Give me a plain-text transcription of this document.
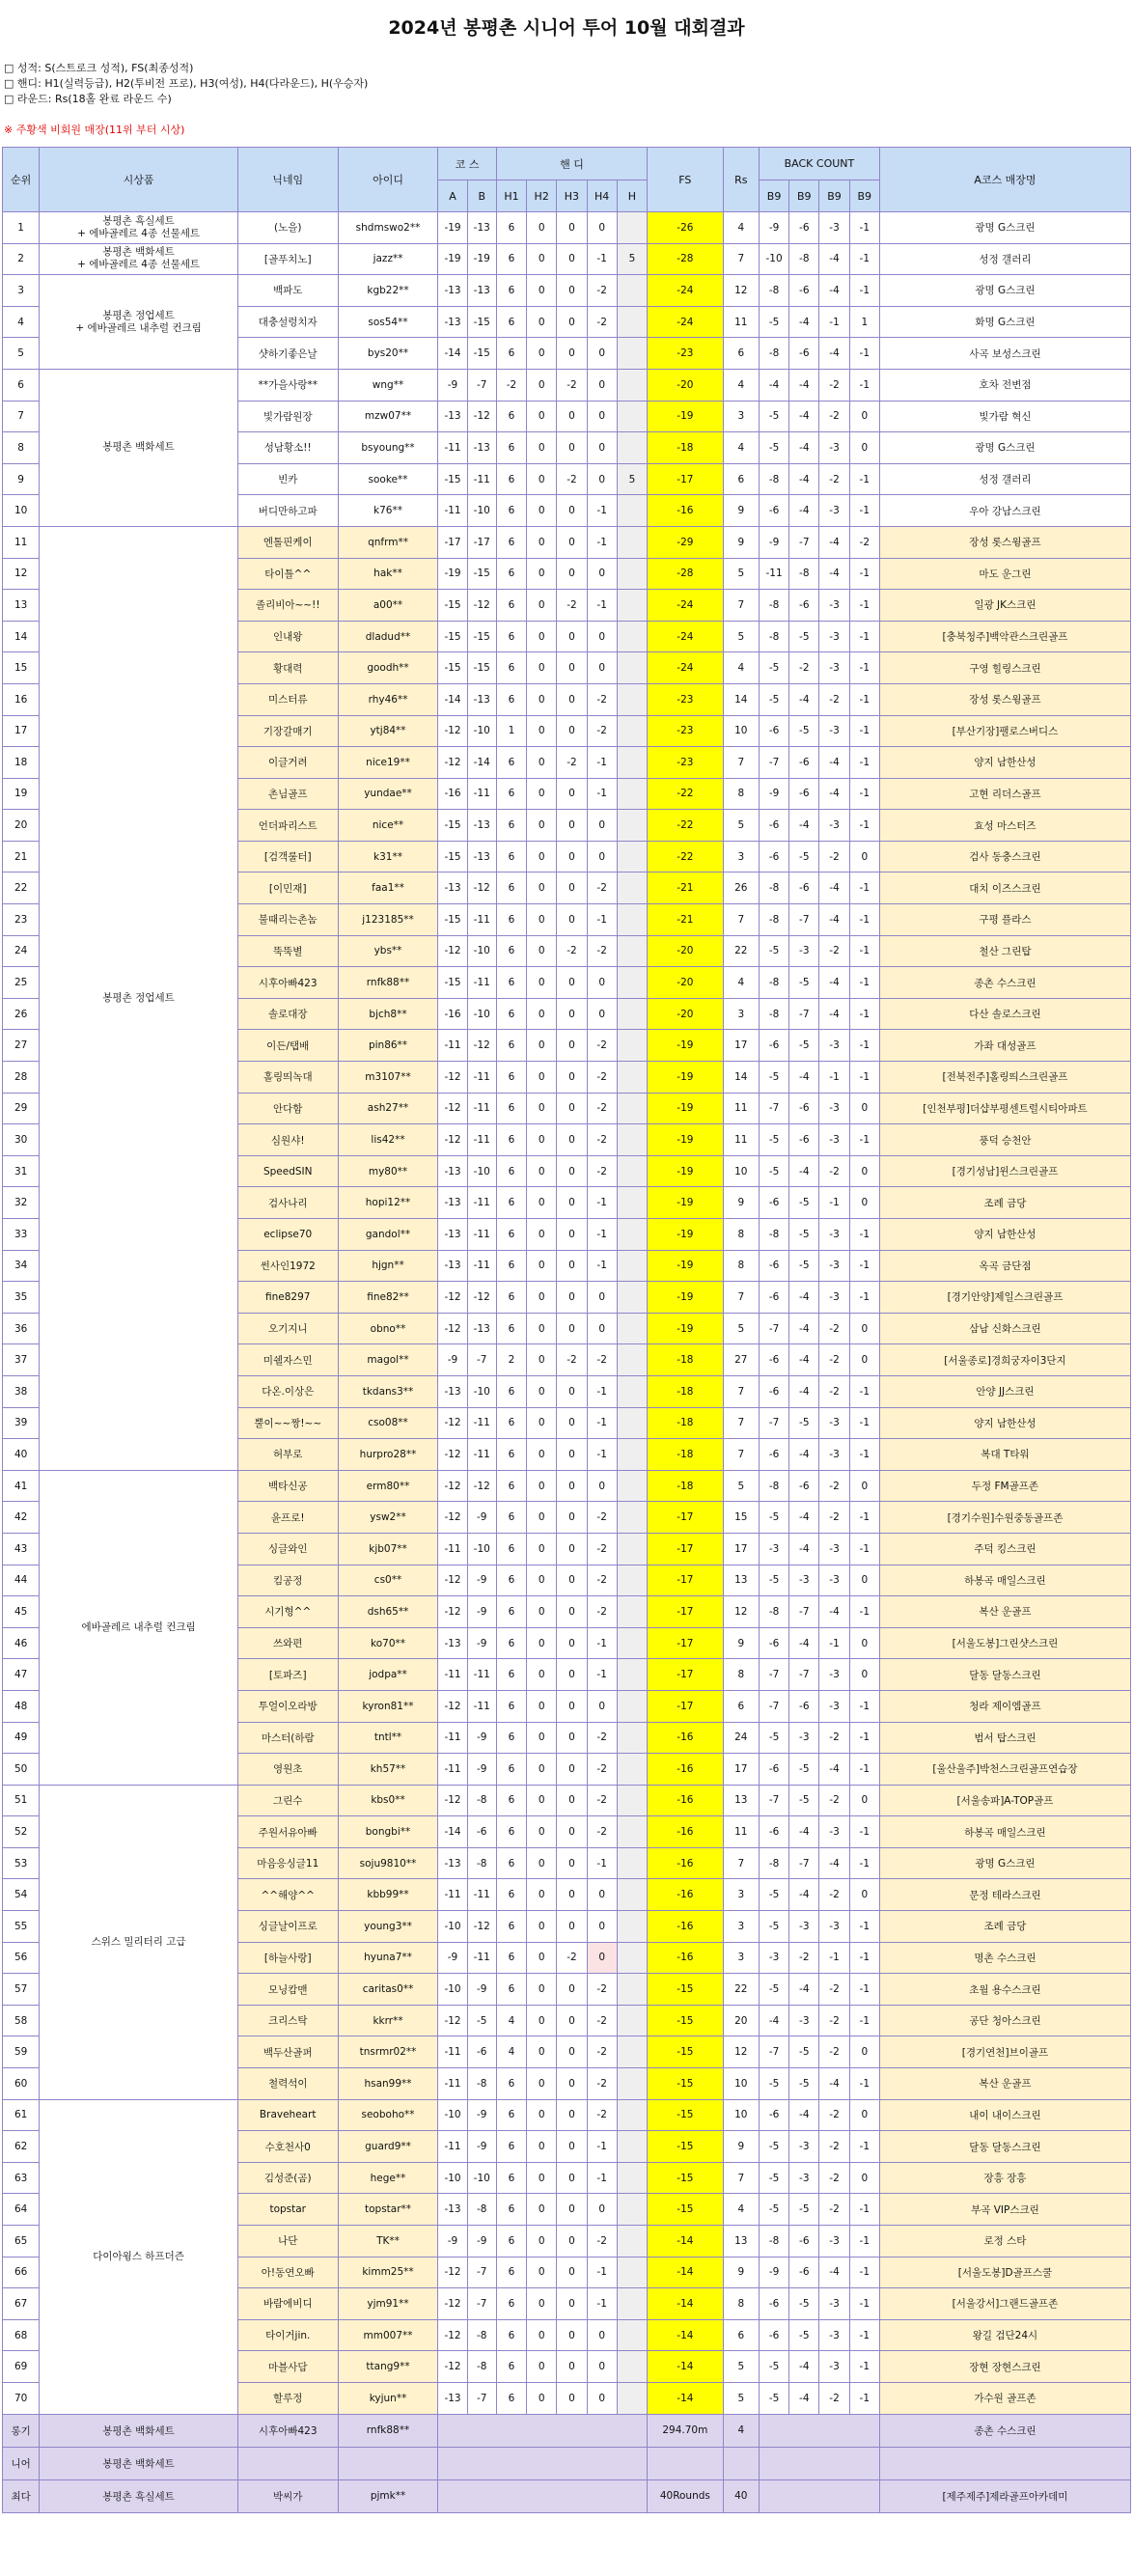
2024년 봉평촌 시니어 투어 10월 대회결과
□ 성적: S(스트로크 성적), FS(최종성적)
□ 핸디: H1(실력등급), H2(투비전 프로), H3(여성), H4(다라운드), H(우승자)
□ 라운드: Rs(18홀 완료 라운드 수)
※ 주황색 비회원 매장(11위 부터 시상)
순위	시상품	닉네임	아이디	코 스		핸 디					FS	Rs	BACK COUNT				A코스 매장명
				A	B	H1	H2	H3	H4	H			B9	B9	B9	B9	
1	봉평촌 흑실세트
+ 에바골레르 4종 선물세트	(노을)	shdmswo2**	-19	-13	6	0	0	0		-26	4	-9	-6	-3	-1	광명 G스크린
2	봉평촌 백화세트
+ 에바골레르 4종 선물세트	[골푸치노]	jazz**	-19	-19	6	0	0	-1	5	-28	7	-10	-8	-4	-1	성정 갤러리
3	봉평촌 정업세트
+ 에바골레르 내추럴 컨크림	백파도	kgb22**	-13	-13	6	0	0	-2		-24	12	-8	-6	-4	-1	광명 G스크린
4		대충설렁치자	sos54**	-13	-15	6	0	0	-2		-24	11	-5	-4	-1	1	화명 G스크린
5		샷하기좋은날	bys20**	-14	-15	6	0	0	0		-23	6	-8	-6	-4	-1	사곡 보성스크린
6	봉평촌 백화세트	**가을사랑**	wng**	-9	-7	-2	0	-2	0		-20	4	-4	-4	-2	-1	호차 전변점
7		빛가람원장	mzw07**	-13	-12	6	0	0	0		-19	3	-5	-4	-2	0	빛가람 혁신
8		성남황소!!	bsyoung**	-11	-13	6	0	0	0		-18	4	-5	-4	-3	0	광명 G스크린
9		빈카	sooke**	-15	-11	6	0	-2	0	5	-17	6	-8	-4	-2	-1	성정 갤러리
10		버디만하고파	k76**	-11	-10	6	0	0	-1		-16	9	-6	-4	-3	-1	우아 강남스크린
11	봉평촌 정업세트	엔톨핀케이	qnfrm**	-17	-17	6	0	0	-1		-29	9	-9	-7	-4	-2	장성 롯스윙골프
12		타이틀^^	hak**	-19	-15	6	0	0	0		-28	5	-11	-8	-4	-1	마도 운그린
13		졸리비아~~!!	a00**	-15	-12	6	0	-2	-1		-24	7	-8	-6	-3	-1	일광 JK스크린
14		인내왕	dladud**	-15	-15	6	0	0	0		-24	5	-8	-5	-3	-1	[충북청주]백악관스크린골프
15		황대력	goodh**	-15	-15	6	0	0	0		-24	4	-5	-2	-3	-1	구영 힐링스크린
16		미스터류	rhy46**	-14	-13	6	0	0	-2		-23	14	-5	-4	-2	-1	장성 롯스윙골프
17		기장갈매기	ytj84**	-12	-10	1	0	0	-2		-23	10	-6	-5	-3	-1	[부산기장]팰로스버디스
18		이글거려	nice19**	-12	-14	6	0	-2	-1		-23	7	-7	-6	-4	-1	양지 남한산성
19		촌님골프	yundae**	-16	-11	6	0	0	-1		-22	8	-9	-6	-4	-1	고현 리더스골프
20		언더파리스트	nice**	-15	-13	6	0	0	0		-22	5	-6	-4	-3	-1	효성 마스터즈
21		[검객룰터]	k31**	-15	-13	6	0	0	0		-22	3	-6	-5	-2	0	검사 동충스크린
22		[이민재]	faa1**	-13	-12	6	0	0	-2		-21	26	-8	-6	-4	-1	대치 이즈스크린
23		불때리는촌놈	j123185**	-15	-11	6	0	0	-1		-21	7	-8	-7	-4	-1	구평 플라스
24		뚝뚝별	ybs**	-12	-10	6	0	-2	-2		-20	22	-5	-3	-2	-1	철산 그린탑
25		시후아빠423	rnfk88**	-15	-11	6	0	0	0		-20	4	-8	-5	-4	-1	종촌 수스크린
26		솔로대장	bjch8**	-16	-10	6	0	0	0		-20	3	-8	-7	-4	-1	다산 솔로스크린
27		이든/탭배	pin86**	-11	-12	6	0	0	-2		-19	17	-6	-5	-3	-1	가좌 대성골프
28		홀링띄녹대	m3107**	-12	-11	6	0	0	-2		-19	14	-5	-4	-1	-1	[전북전주]홀링띄스크린골프
29		안다함	ash27**	-12	-11	6	0	0	-2		-19	11	-7	-6	-3	0	[인천부평]더샵부평센트럴시티아파트
30		심원샤!	lis42**	-12	-11	6	0	0	-2		-19	11	-5	-6	-3	-1	풍덕 승천안
31		SpeedSIN	my80**	-13	-10	6	0	0	-2		-19	10	-5	-4	-2	0	[경기성남]윈스크린골프
32		검사나리	hopi12**	-13	-11	6	0	0	-1		-19	9	-6	-5	-1	0	조례 금당
33		eclipse70	gandol**	-13	-11	6	0	0	-1		-19	8	-8	-5	-3	-1	양지 남한산성
34		썬사인1972	hjgn**	-13	-11	6	0	0	-1		-19	8	-6	-5	-3	-1	옥곡 금단점
35		fine8297	fine82**	-12	-12	6	0	0	0		-19	7	-6	-4	-3	-1	[경기안양]제일스크린골프
36		오기지니	obno**	-12	-13	6	0	0	0		-19	5	-7	-4	-2	0	삼남 신화스크린
37		미쉘자스민	magol**	-9	-7	2	0	-2	-2		-18	27	-6	-4	-2	0	[서울종로]경희궁자이3단지
38		다온.이상은	tkdans3**	-13	-10	6	0	0	-1		-18	7	-6	-4	-2	-1	안양 JJ스크린
39		뿔이~~짱!~~	cso08**	-12	-11	6	0	0	-1		-18	7	-7	-5	-3	-1	양지 남한산성
40		허부로	hurpro28**	-12	-11	6	0	0	-1		-18	7	-6	-4	-3	-1	복대 T타워
41	에바골레르 내추럴 컨크림	백타신공	erm80**	-12	-12	6	0	0	0		-18	5	-8	-6	-2	0	두정 FM골프존
42		윤프로!	ysw2**	-12	-9	6	0	0	-2		-17	15	-5	-4	-2	-1	[경기수원]수원중동골프존
43		싱글와인	kjb07**	-11	-10	6	0	0	-2		-17	17	-3	-4	-3	-1	주덕 킹스크린
44		킴공정	cs0**	-12	-9	6	0	0	-2		-17	13	-5	-3	-3	0	하봉곡 매일스크린
45		시기형^^	dsh65**	-12	-9	6	0	0	-2		-17	12	-8	-7	-4	-1	복산 운골프
46		쓰와편	ko70**	-13	-9	6	0	0	-1		-17	9	-6	-4	-1	0	[서울도봉]그린샷스크린
47		[토파즈]	jodpa**	-11	-11	6	0	0	-1		-17	8	-7	-7	-3	0	달동 달동스크린
48		투얼이오라방	kyron81**	-12	-11	6	0	0	0		-17	6	-7	-6	-3	-1	청라 제이엠골프
49		마스터(하람	tntl**	-11	-9	6	0	0	-2		-16	24	-5	-3	-2	-1	범서 탑스크린
50		영원초	kh57**	-11	-9	6	0	0	-2		-16	17	-6	-5	-4	-1	[울산울주]박천스크린골프연습장
51	스위스 밀리터리 고급	그린수	kbs0**	-12	-8	6	0	0	-2		-16	13	-7	-5	-2	0	[서울송파]A-TOP골프
52		주원서유아빠	bongbi**	-14	-6	6	0	0	-2		-16	11	-6	-4	-3	-1	하봉곡 매일스크린
53		마음응싱글11	soju9810**	-13	-8	6	0	0	-1		-16	7	-8	-7	-4	-1	광명 G스크린
54		^^해양^^	kbb99**	-11	-11	6	0	0	0		-16	3	-5	-4	-2	0	문정 테라스크린
55		싱글날이프로	young3**	-10	-12	6	0	0	0		-16	3	-5	-3	-3	-1	조례 금당
56		[하늘사랑]	hyuna7**	-9	-11	6	0	-2	0		-16	3	-3	-2	-1	-1	명촌 수스크린
57		모닝캄맨	caritas0**	-10	-9	6	0	0	-2		-15	22	-5	-4	-2	-1	초월 용수스크린
58		크리스탁	kkrr**	-12	-5	4	0	0	-2		-15	20	-4	-3	-2	-1	공단 청아스크린
59		백두산골퍼	tnsrmr02**	-11	-6	4	0	0	-2		-15	12	-7	-5	-2	0	[경기연천]브이골프
60		철력석이	hsan99**	-11	-8	6	0	0	-2		-15	10	-5	-5	-4	-1	복산 운골프
61	다이아윙스 하프더즌	Braveheart	seoboho**	-10	-9	6	0	0	-2		-15	10	-6	-4	-2	0	내이 내이스크린
62		수호천사0	guard9**	-11	-9	6	0	0	-1		-15	9	-5	-3	-2	-1	달동 달동스크린
63		김성준(곰)	hege**	-10	-10	6	0	0	-1		-15	7	-5	-3	-2	0	장흥 장흥
64		topstar	topstar**	-13	-8	6	0	0	0		-15	4	-5	-5	-2	-1	부곡 VIP스크린
65		나단	TK**	-9	-9	6	0	0	-2		-14	13	-8	-6	-3	-1	로정 스타
66		아!동연오빠	kimm25**	-12	-7	6	0	0	-1		-14	9	-9	-6	-4	-1	[서울도봉]D골프스쿨
67		바람에비디	yjm91**	-12	-7	6	0	0	-1		-14	8	-6	-5	-3	-1	[서울강서]그랜드골프존
68		타이거jin.	mm007**	-12	-8	6	0	0	0		-14	6	-6	-5	-3	-1	왕길 검단24시
69		마블사담	ttang9**	-12	-8	6	0	0	0		-14	5	-5	-4	-3	-1	장현 장현스크린
70		할루정	kyjun**	-13	-7	6	0	0	0		-14	5	-5	-4	-2	-1	가수원 골프존
롱기	봉평촌 백화세트	시후아빠423	rnfk88**								294.70m	4					종촌 수스크린
니어	봉평촌 백화세트																
최다	봉평촌 흑실세트	박씨가	pjmk**								40Rounds	40					[제주제주]제라골프아카데미
